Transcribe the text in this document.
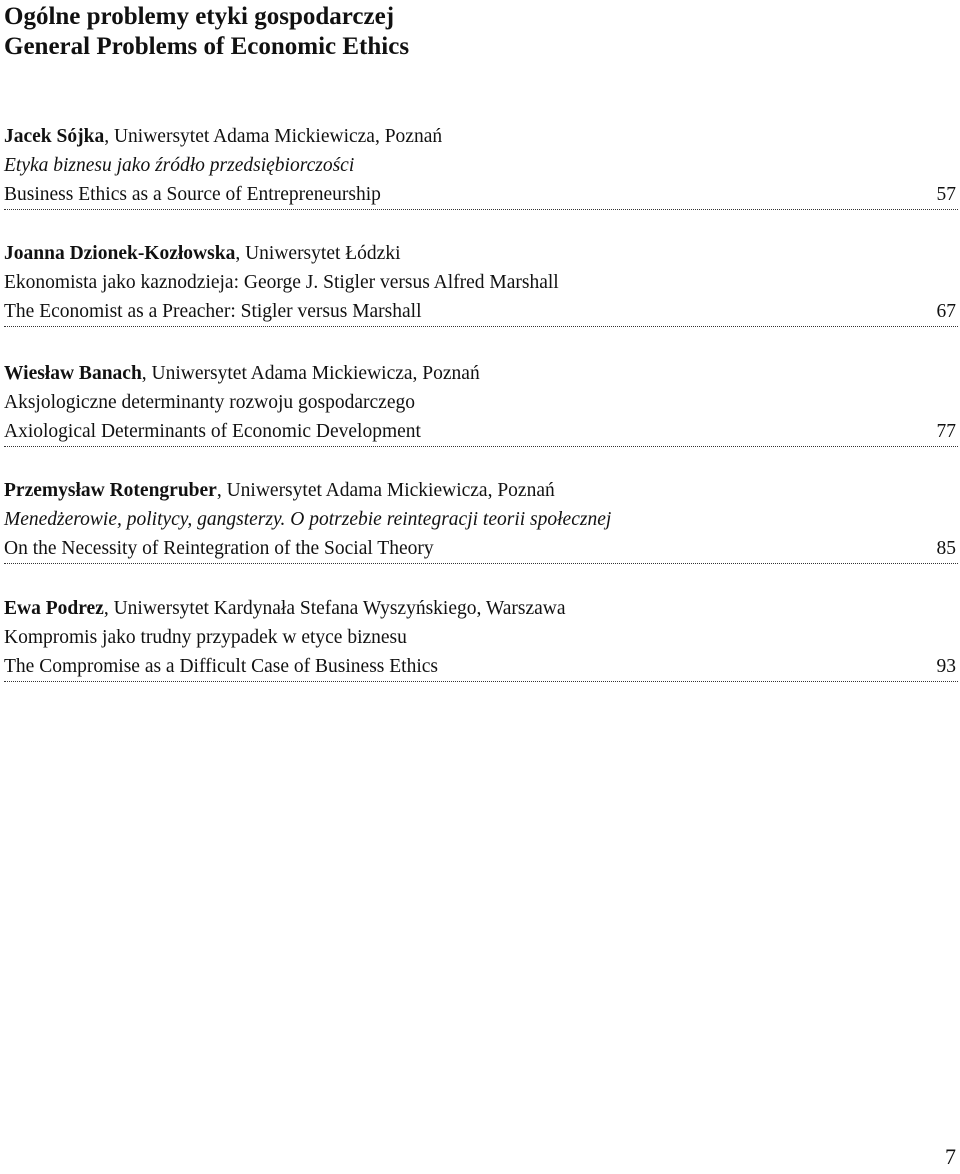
Ogólne problemy etyki gospodarczej
General Problems of Economic Ethics
Jacek Sójka, Uniwersytet Adama Mickiewicza, Poznań
Etyka biznesu jako źródło przedsiębiorczości
Business Ethics as a Source of Entrepreneurship	57
Joanna Dzionek-Kozłowska, Uniwersytet Łódzki
Ekonomista jako kaznodzieja: George J. Stigler versus Alfred Marshall
The Economist as a Preacher: Stigler versus Marshall	67
Wiesław Banach, Uniwersytet Adama Mickiewicza, Poznań
Aksjologiczne determinanty rozwoju gospodarczego
Axiological Determinants of Economic Development	77
Przemysław Rotengruber, Uniwersytet Adama Mickiewicza, Poznań
Menedżerowie, politycy, gangsterzy. O potrzebie reintegracji teorii społecznej
On the Necessity of Reintegration of the Social Theory	85
Ewa Podrez, Uniwersytet Kardynała Stefana Wyszyńskiego, Warszawa
Kompromis jako trudny przypadek w etyce biznesu
The Compromise as a Difficult Case of Business Ethics	93
7
